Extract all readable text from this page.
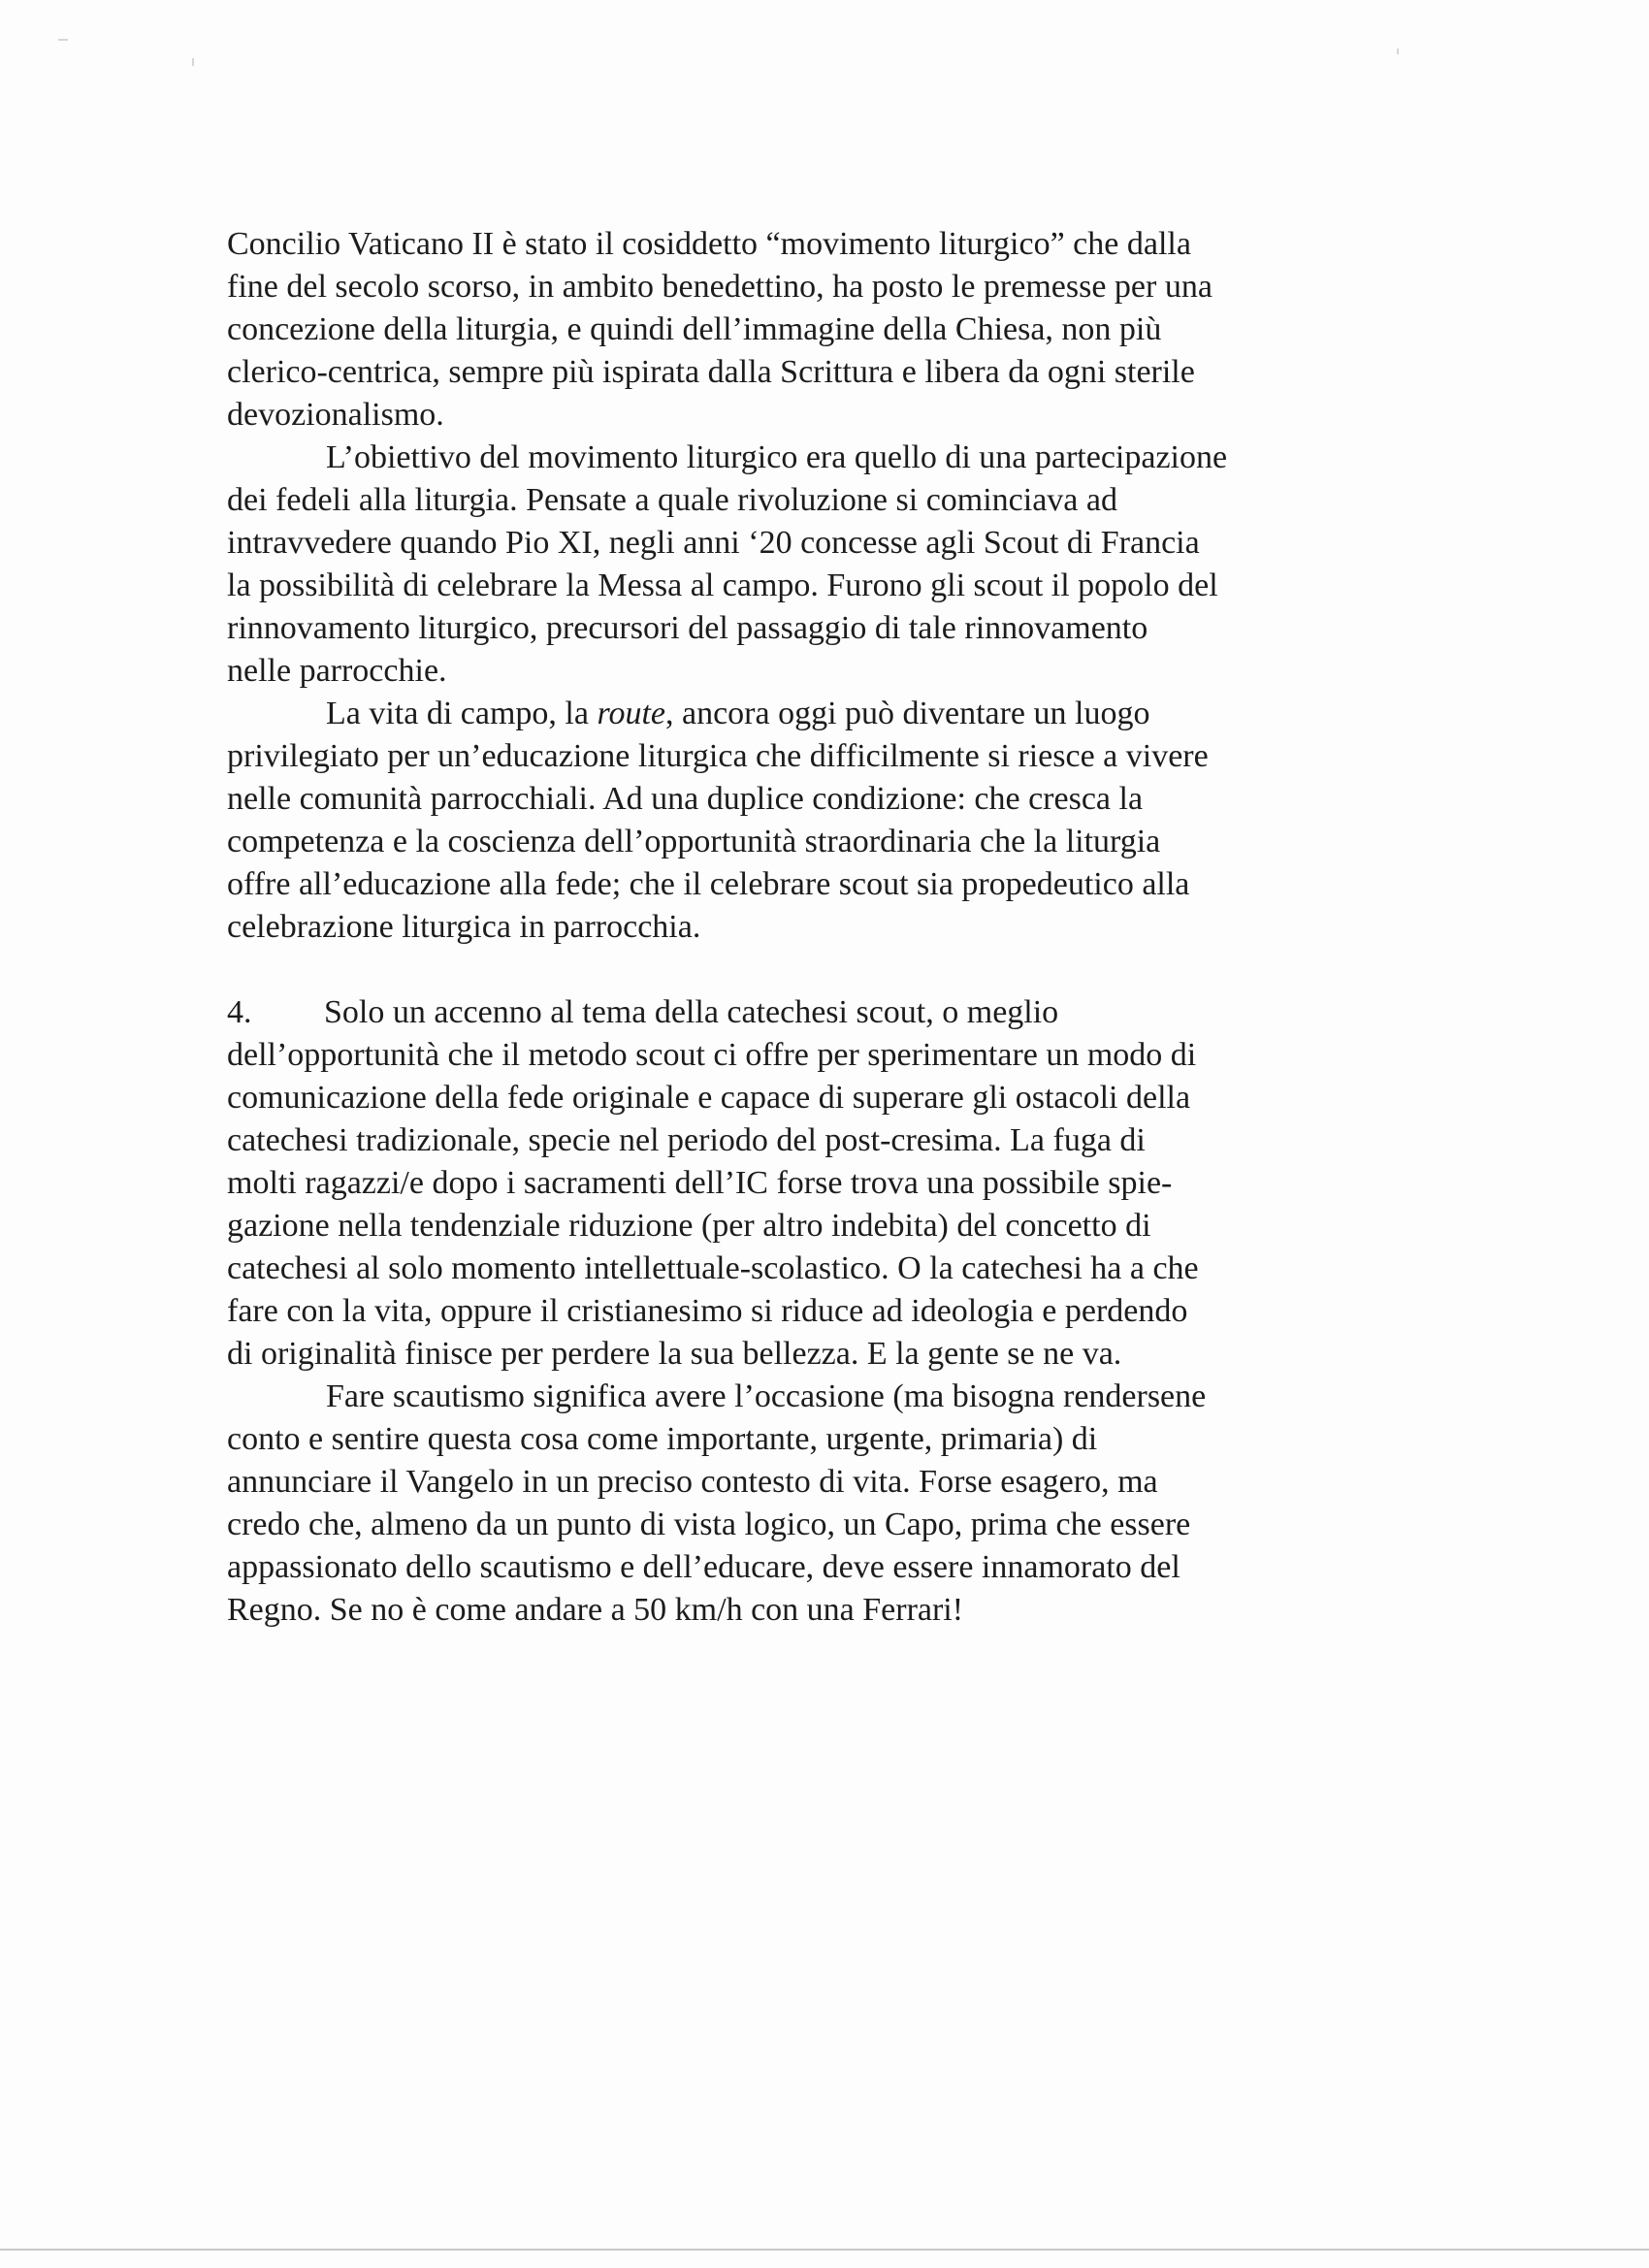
Concilio Vaticano II è stato il cosiddetto “movimento liturgico” che dalla
fine del secolo scorso, in ambito benedettino, ha posto le premesse per una
concezione della liturgia, e quindi dell’immagine della Chiesa, non più
clerico-centrica, sempre più ispirata dalla Scrittura e libera da ogni sterile
devozionalismo.
L’obiettivo del movimento liturgico era quello di una partecipazione
dei fedeli alla liturgia. Pensate a quale rivoluzione si cominciava ad
intravvedere quando Pio XI, negli anni ‘20 concesse agli Scout di Francia
la possibilità di celebrare la Messa al campo. Furono gli scout il popolo del
rinnovamento liturgico, precursori del passaggio di tale rinnovamento
nelle parrocchie.
La vita di campo, la route, ancora oggi può diventare un luogo
privilegiato per un’educazione liturgica che difficilmente si riesce a vivere
nelle comunità parrocchiali. Ad una duplice condizione: che cresca la
competenza e la coscienza dell’opportunità straordinaria che la liturgia
offre all’educazione alla fede; che il celebrare scout sia propedeutico alla
celebrazione liturgica in parrocchia.
4. Solo un accenno al tema della catechesi scout, o meglio
dell’opportunità che il metodo scout ci offre per sperimentare un modo di
comunicazione della fede originale e capace di superare gli ostacoli della
catechesi tradizionale, specie nel periodo del post-cresima. La fuga di
molti ragazzi/e dopo i sacramenti dell’IC forse trova una possibile spie-
gazione nella tendenziale riduzione (per altro indebita) del concetto di
catechesi al solo momento intellettuale-scolastico. O la catechesi ha a che
fare con la vita, oppure il cristianesimo si riduce ad ideologia e perdendo
di originalità finisce per perdere la sua bellezza. E la gente se ne va.
Fare scautismo significa avere l’occasione (ma bisogna rendersene
conto e sentire questa cosa come importante, urgente, primaria) di
annunciare il Vangelo in un preciso contesto di vita. Forse esagero, ma
credo che, almeno da un punto di vista logico, un Capo, prima che essere
appassionato dello scautismo e dell’educare, deve essere innamorato del
Regno. Se no è come andare a 50 km/h con una Ferrari!
